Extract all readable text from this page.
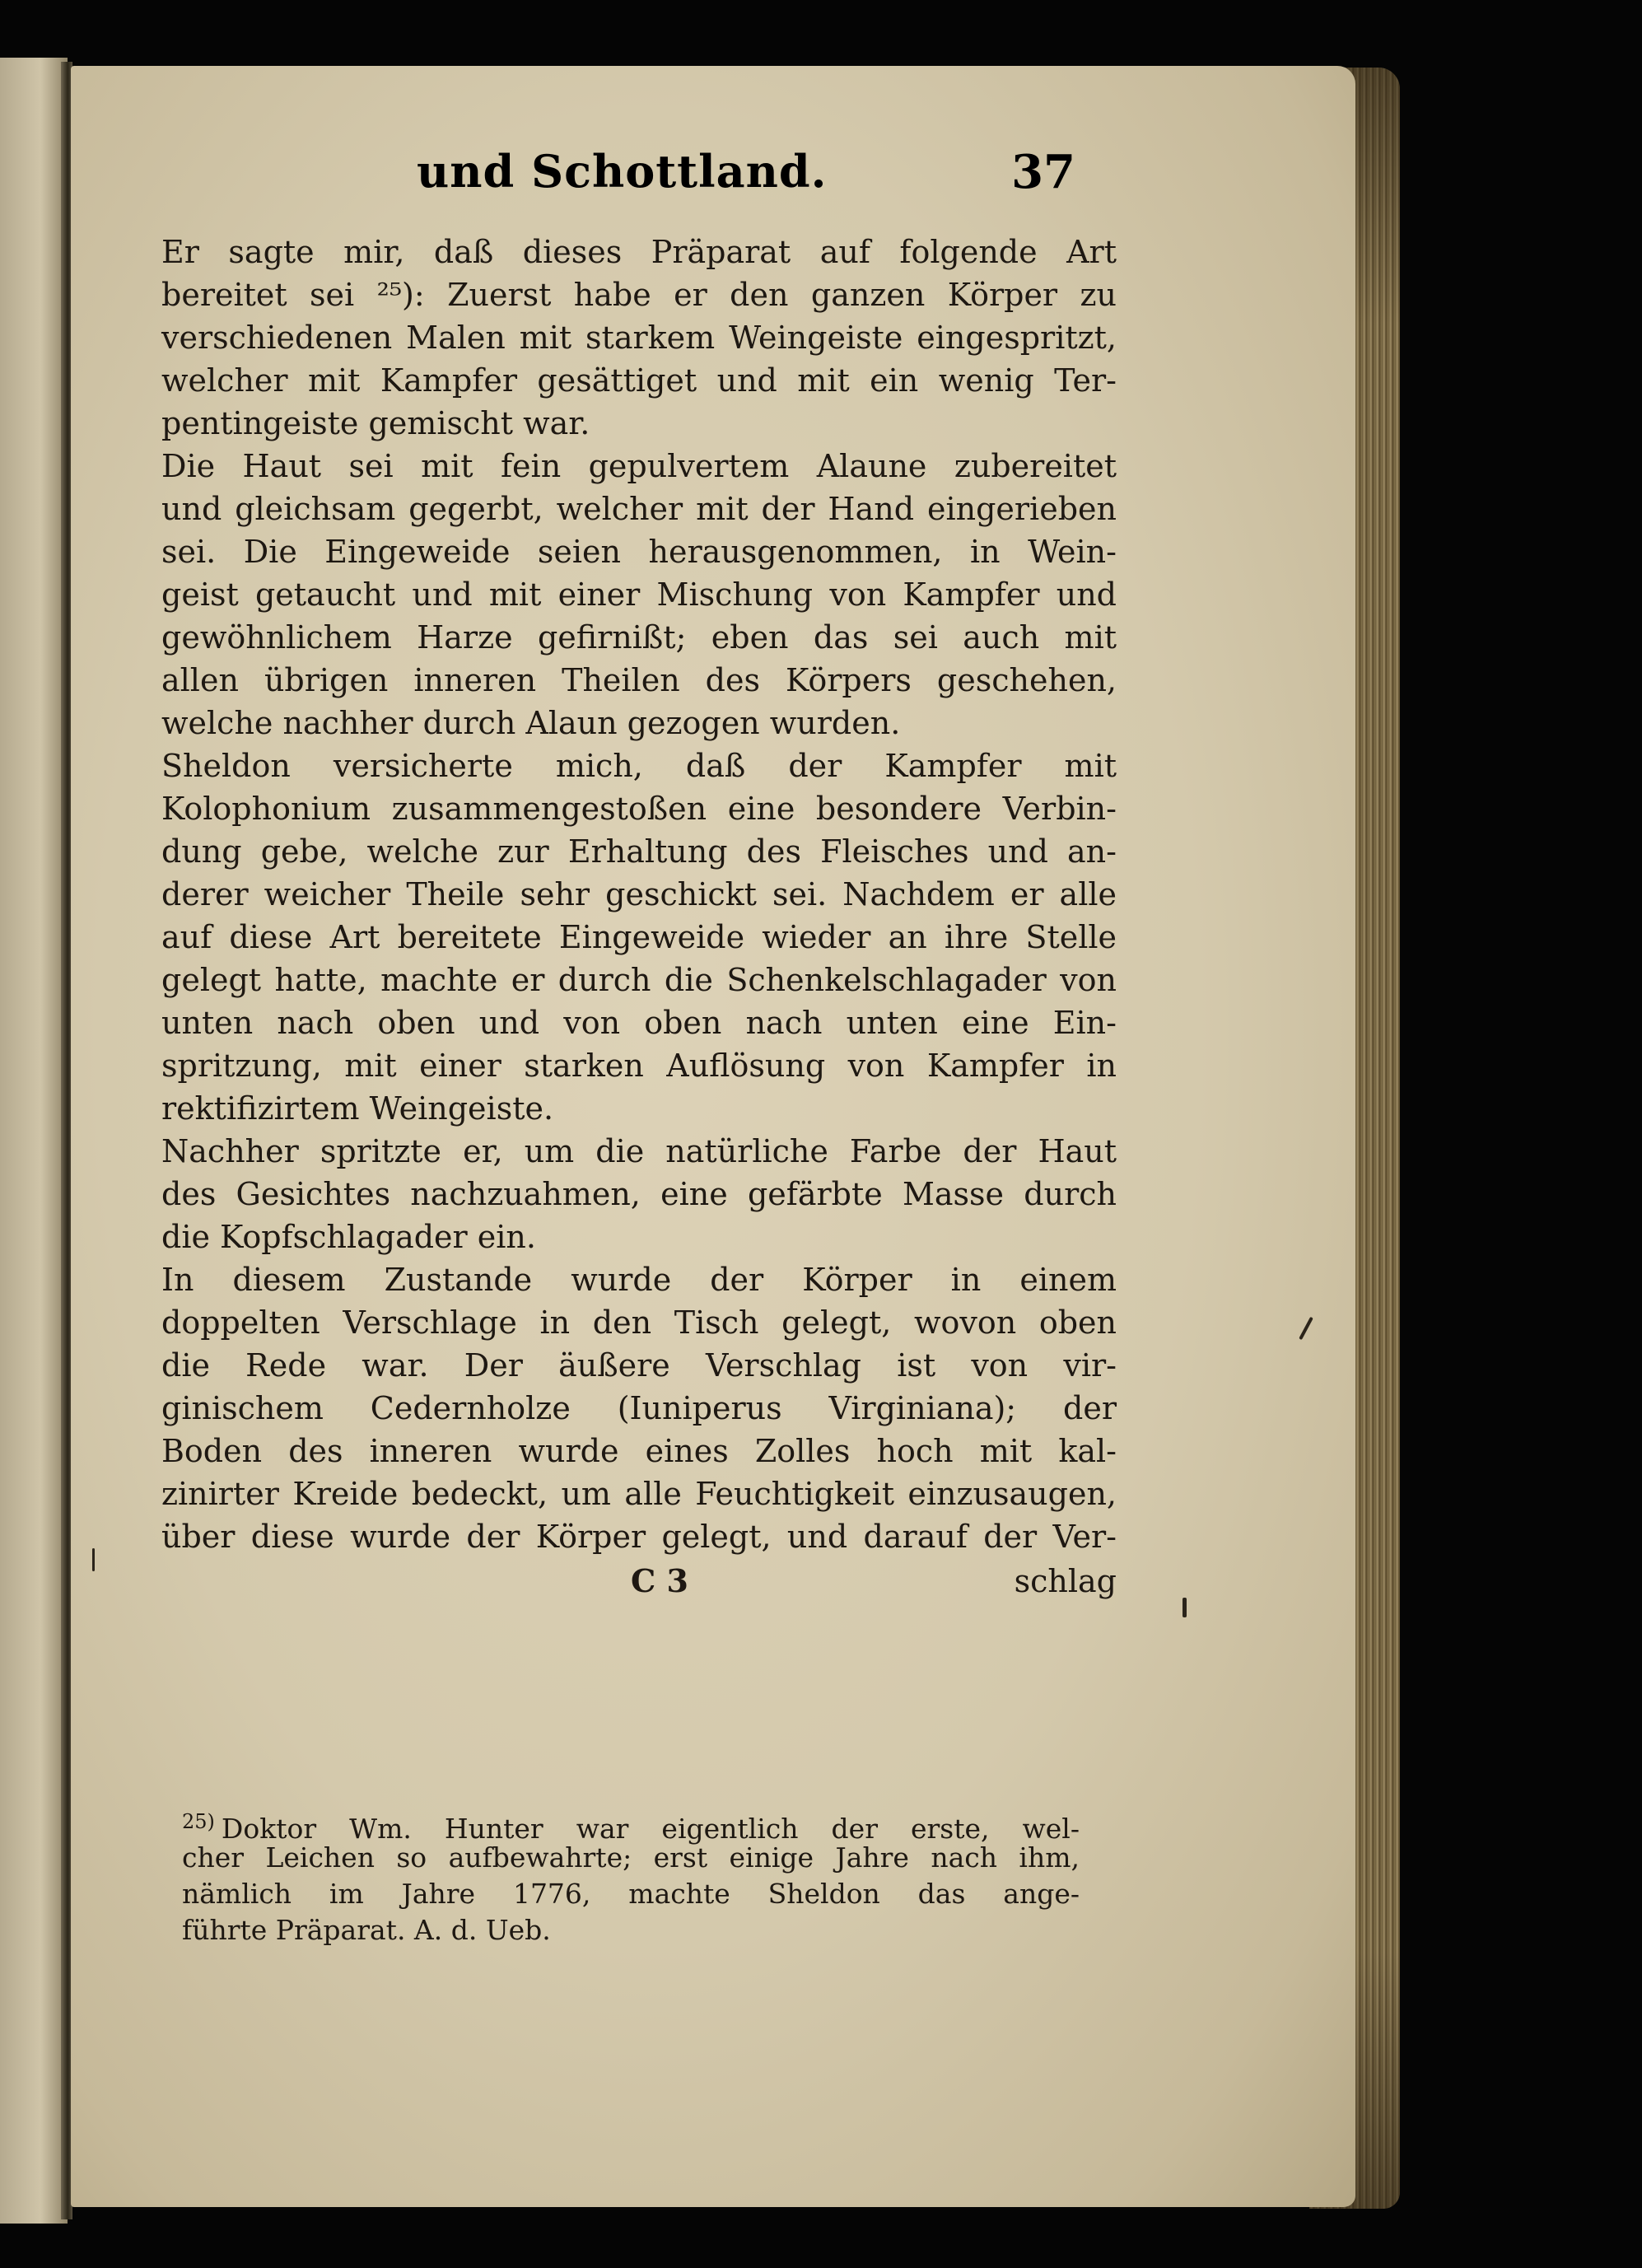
und Schottland.	37
Er sagte mir, daß dieses Präparat auf folgende Art
bereitet sei ²⁵): Zuerst habe er den ganzen Körper zu
verschiedenen Malen mit starkem Weingeiste eingespritzt,
welcher mit Kampfer gesättiget und mit ein wenig Ter-
pentingeiste gemischt war.
Die Haut sei mit fein gepulvertem Alaune zubereitet
und gleichsam gegerbt, welcher mit der Hand eingerieben
sei. Die Eingeweide seien herausgenommen, in Wein-
geist getaucht und mit einer Mischung von Kampfer und
gewöhnlichem Harze gefirnißt; eben das sei auch mit
allen übrigen inneren Theilen des Körpers geschehen,
welche nachher durch Alaun gezogen wurden.
Sheldon versicherte mich, daß der Kampfer mit
Kolophonium zusammengestoßen eine besondere Verbin-
dung gebe, welche zur Erhaltung des Fleisches und an-
derer weicher Theile sehr geschickt sei. Nachdem er alle
auf diese Art bereitete Eingeweide wieder an ihre Stelle
gelegt hatte, machte er durch die Schenkelschlagader von
unten nach oben und von oben nach unten eine Ein-
spritzung, mit einer starken Auflösung von Kampfer in
rektifizirtem Weingeiste.
Nachher spritzte er, um die natürliche Farbe der Haut
des Gesichtes nachzuahmen, eine gefärbte Masse durch
die Kopfschlagader ein.
In diesem Zustande wurde der Körper in einem
doppelten Verschlage in den Tisch gelegt, wovon oben
die Rede war. Der äußere Verschlag ist von vir-
ginischem Cedernholze (Iuniperus Virginiana); der
Boden des inneren wurde eines Zolles hoch mit kal-
zinirter Kreide bedeckt, um alle Feuchtigkeit einzusaugen,
über diese wurde der Körper gelegt, und darauf der Ver-
C 3	schlag
$^{25)}$ Doktor Wm. Hunter war eigentlich der erste, wel-
cher Leichen so aufbewahrte; erst einige Jahre nach ihm,
nämlich im Jahre 1776, machte Sheldon das ange-
führte Präparat. A. d. Ueb.
